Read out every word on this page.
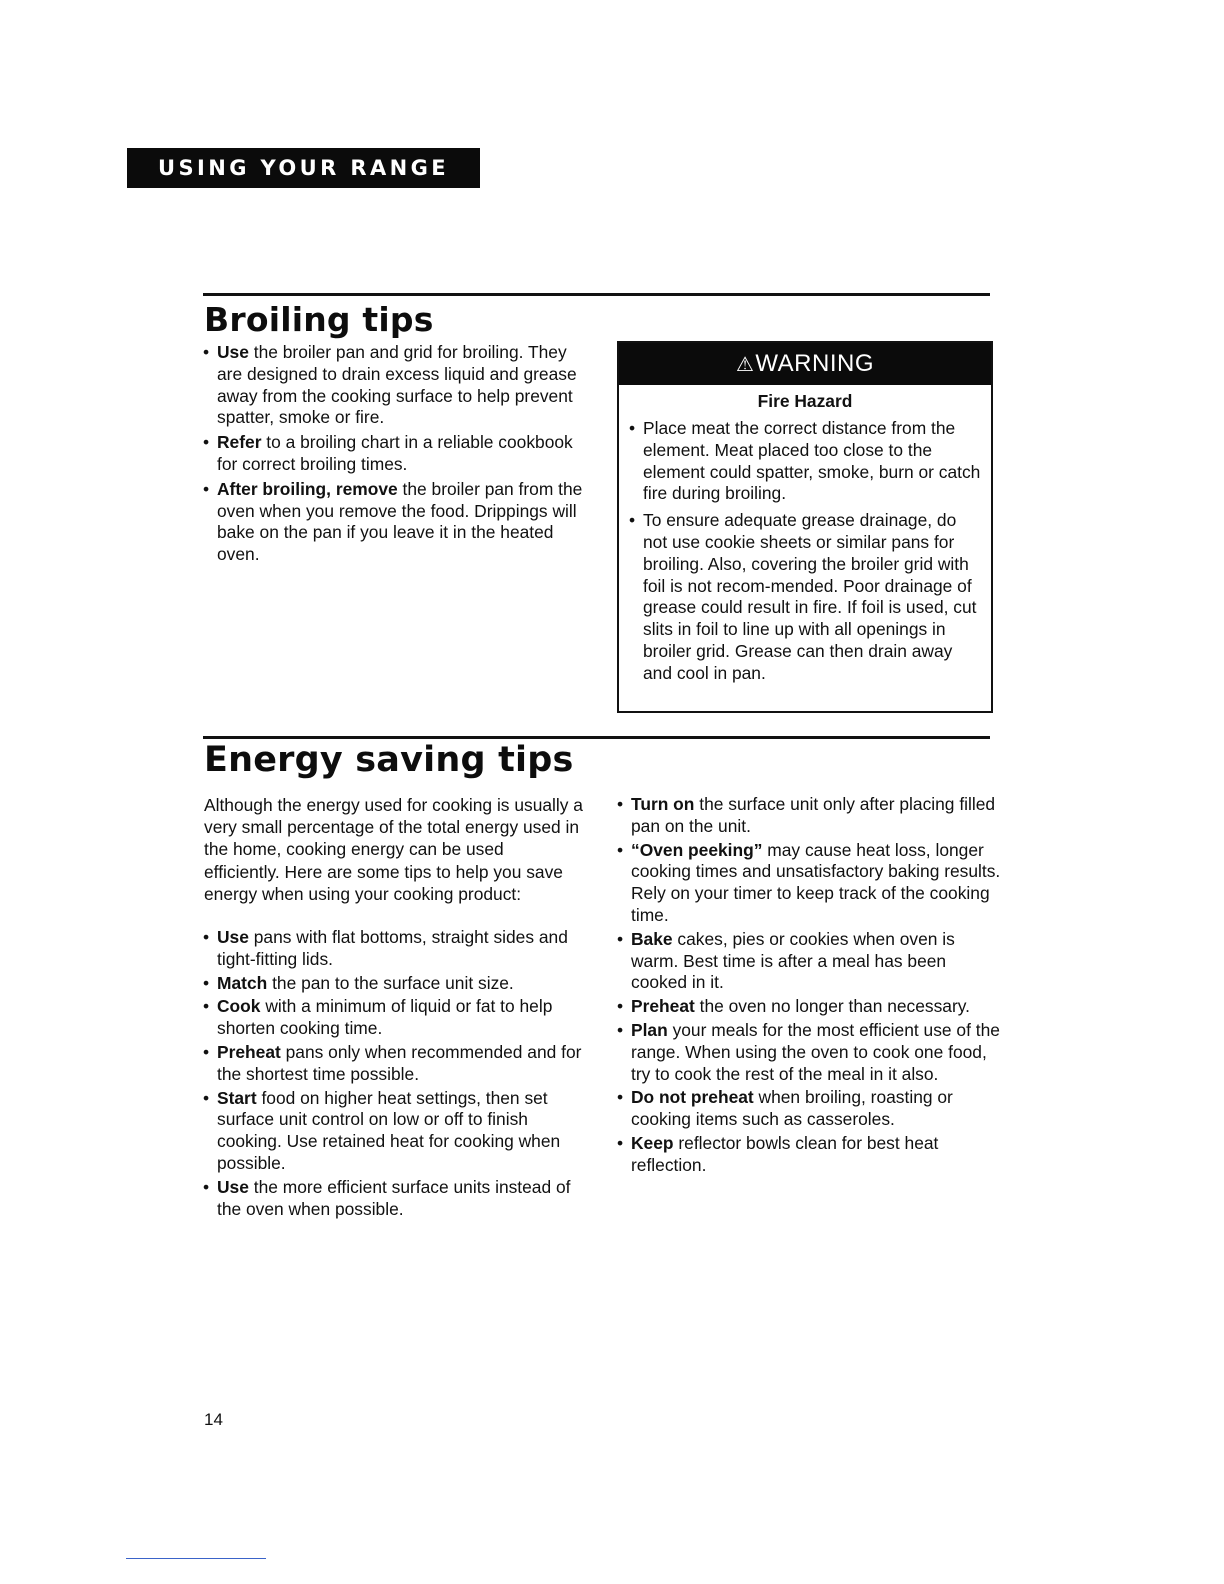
USING YOUR RANGE
Broiling tips
• Use the broiler pan and grid for broiling. They are designed to drain excess liquid and grease away from the cooking surface to help prevent spatter, smoke or fire.
• Refer to a broiling chart in a reliable cookbook for correct broiling times.
• After broiling, remove the broiler pan from the oven when you remove the food. Drippings will bake on the pan if you leave it in the heated oven.
⚠WARNING
Fire Hazard
• Place meat the correct distance from the element. Meat placed too close to the element could spatter, smoke, burn or catch fire during broiling.
• To ensure adequate grease drainage, do not use cookie sheets or similar pans for broiling. Also, covering the broiler grid with foil is not recom-mended. Poor drainage of grease could result in fire. If foil is used, cut slits in foil to line up with all openings in broiler grid. Grease can then drain away and cool in pan.
Energy saving tips

Although the energy used for cooking is usually a very small percentage of the total energy used in the home, cooking energy can be used efficiently. Here are some tips to help you save energy when using your cooking product:

• Use pans with flat bottoms, straight sides and tight-fitting lids.
• Match the pan to the surface unit size.
• Cook with a minimum of liquid or fat to help shorten cooking time.
• Preheat pans only when recommended and for the shortest time possible.
• Start food on higher heat settings, then set surface unit control on low or off to finish cooking. Use retained heat for cooking when possible.
• Use the more efficient surface units instead of the oven when possible.
• Turn on the surface unit only after placing filled pan on the unit.
• “Oven peeking” may cause heat loss, longer cooking times and unsatisfactory baking results. Rely on your timer to keep track of the cooking time.
• Bake cakes, pies or cookies when oven is warm. Best time is after a meal has been cooked in it.
• Preheat the oven no longer than necessary.
• Plan your meals for the most efficient use of the range. When using the oven to cook one food, try to cook the rest of the meal in it also.
• Do not preheat when broiling, roasting or cooking items such as casseroles.
• Keep reflector bowls clean for best heat reflection.
14
